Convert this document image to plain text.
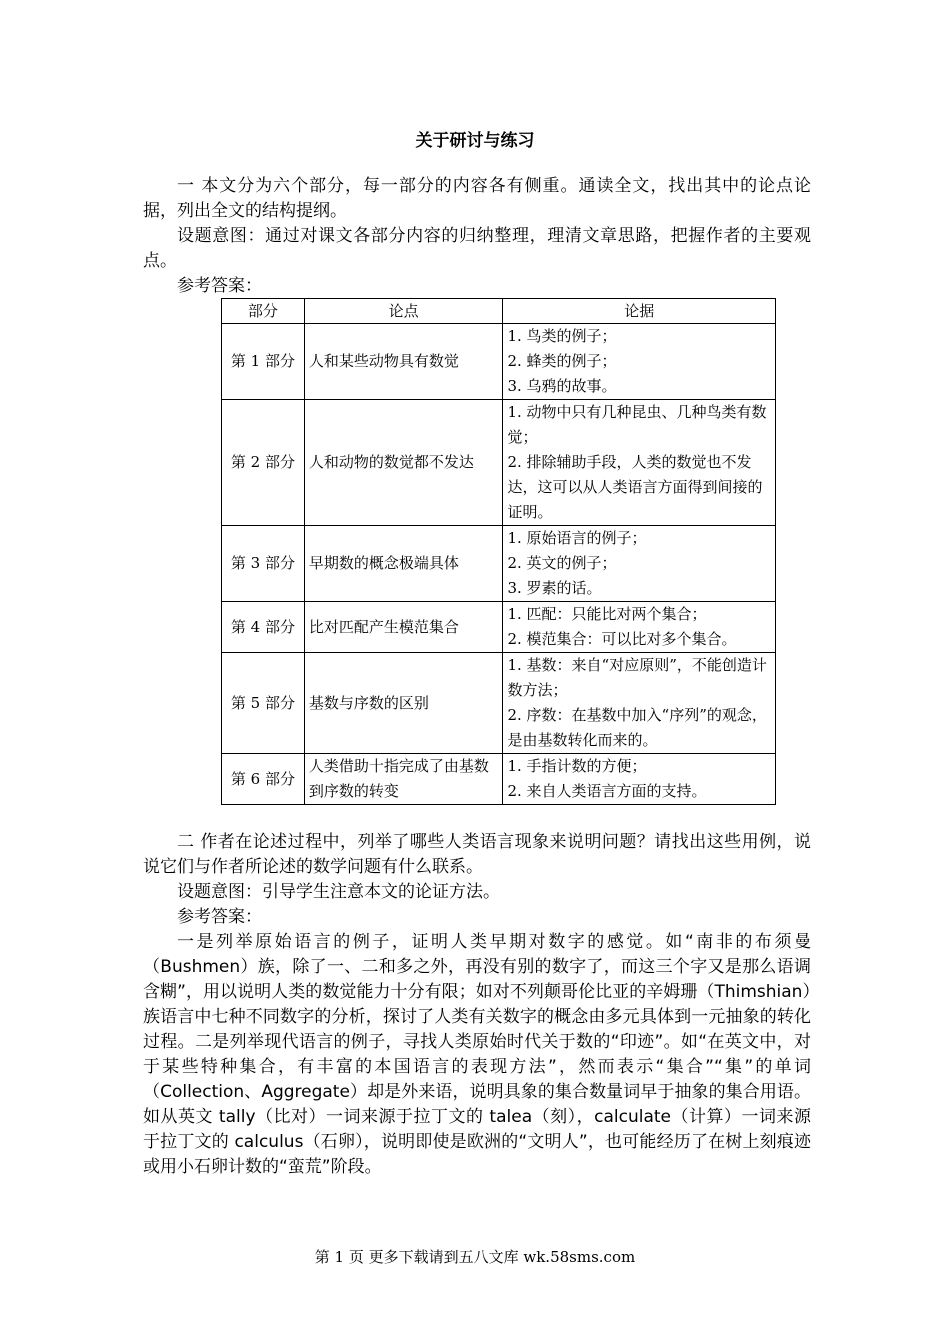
关于研讨与练习

一 本文分为六个部分，每一部分的内容各有侧重。通读全文，找出其中的论点论据，列出全文的结构提纲。

设题意图：通过对课文各部分内容的归纳整理，理清文章思路，把握作者的主要观点。

参考答案：

部分	论点	论据
第 1 部分	人和某些动物具有数觉	1. 鸟类的例子；
2. 蜂类的例子；
3. 乌鸦的故事。

第 2 部分	人和动物的数觉都不发达	1. 动物中只有几种昆虫、几种鸟类有数觉；
2. 排除辅助手段，人类的数觉也不发达，这可以从人类语言方面得到间接的证明。

第 3 部分	早期数的概念极端具体	1. 原始语言的例子；
2. 英文的例子；
3. 罗素的话。

第 4 部分	比对匹配产生模范集合	1. 匹配：只能比对两个集合；
2. 模范集合：可以比对多个集合。

第 5 部分	基数与序数的区别	1. 基数：来自“对应原则”，不能创造计数方法；
2. 序数：在基数中加入“序列”的观念，是由基数转化而来的。

第 6 部分	人类借助十指完成了由基数到序数的转变	1. 手指计数的方便；
2. 来自人类语言方面的支持。

二 作者在论述过程中，列举了哪些人类语言现象来说明问题？请找出这些用例，说说它们与作者所论述的数学问题有什么联系。

设题意图：引导学生注意本文的论证方法。

参考答案：

一是列举原始语言的例子，证明人类早期对数字的感觉。如“南非的布须曼（Bushmen）族，除了一、二和多之外，再没有别的数字了，而这三个字又是那么语调含糊”，用以说明人类的数觉能力十分有限；如对不列颠哥伦比亚的辛姆珊（Thimshian）族语言中七种不同数字的分析，探讨了人类有关数字的概念由多元具体到一元抽象的转化过程。二是列举现代语言的例子，寻找人类原始时代关于数的“印迹”。如“在英文中，对于某些特种集合，有丰富的本国语言的表现方法”，然而表示“集合”“集”的单词（Collection、Aggregate）却是外来语，说明具象的集合数量词早于抽象的集合用语。如从英文 tally（比对）一词来源于拉丁文的 talea（刻），calculate（计算）一词来源于拉丁文的 calculus（石卵），说明即使是欧洲的“文明人”，也可能经历了在树上刻痕迹或用小石卵计数的“蛮荒”阶段。

第 1 页 更多下载请到五八文库 wk.58sms.com
